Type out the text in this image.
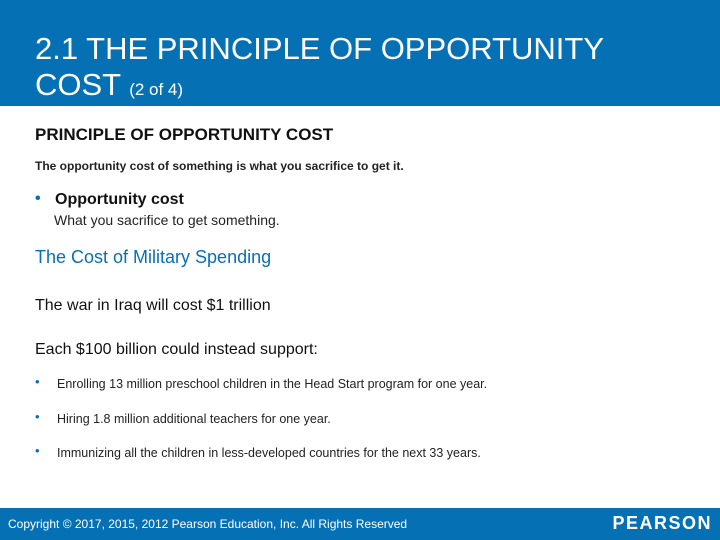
2.1 THE PRINCIPLE OF OPPORTUNITY COST (2 of 4)
PRINCIPLE OF OPPORTUNITY COST
The opportunity cost of something is what you sacrifice to get it.
• Opportunity cost
What you sacrifice to get something.
The Cost of Military Spending
The war in Iraq will cost $1 trillion
Each $100 billion could instead support:
• Enrolling 13 million preschool children in the Head Start program for one year.
• Hiring 1.8 million additional teachers for one year.
• Immunizing all the children in less-developed countries for the next 33 years.
Copyright © 2017, 2015, 2012 Pearson Education, Inc. All Rights Reserved	PEARSON
